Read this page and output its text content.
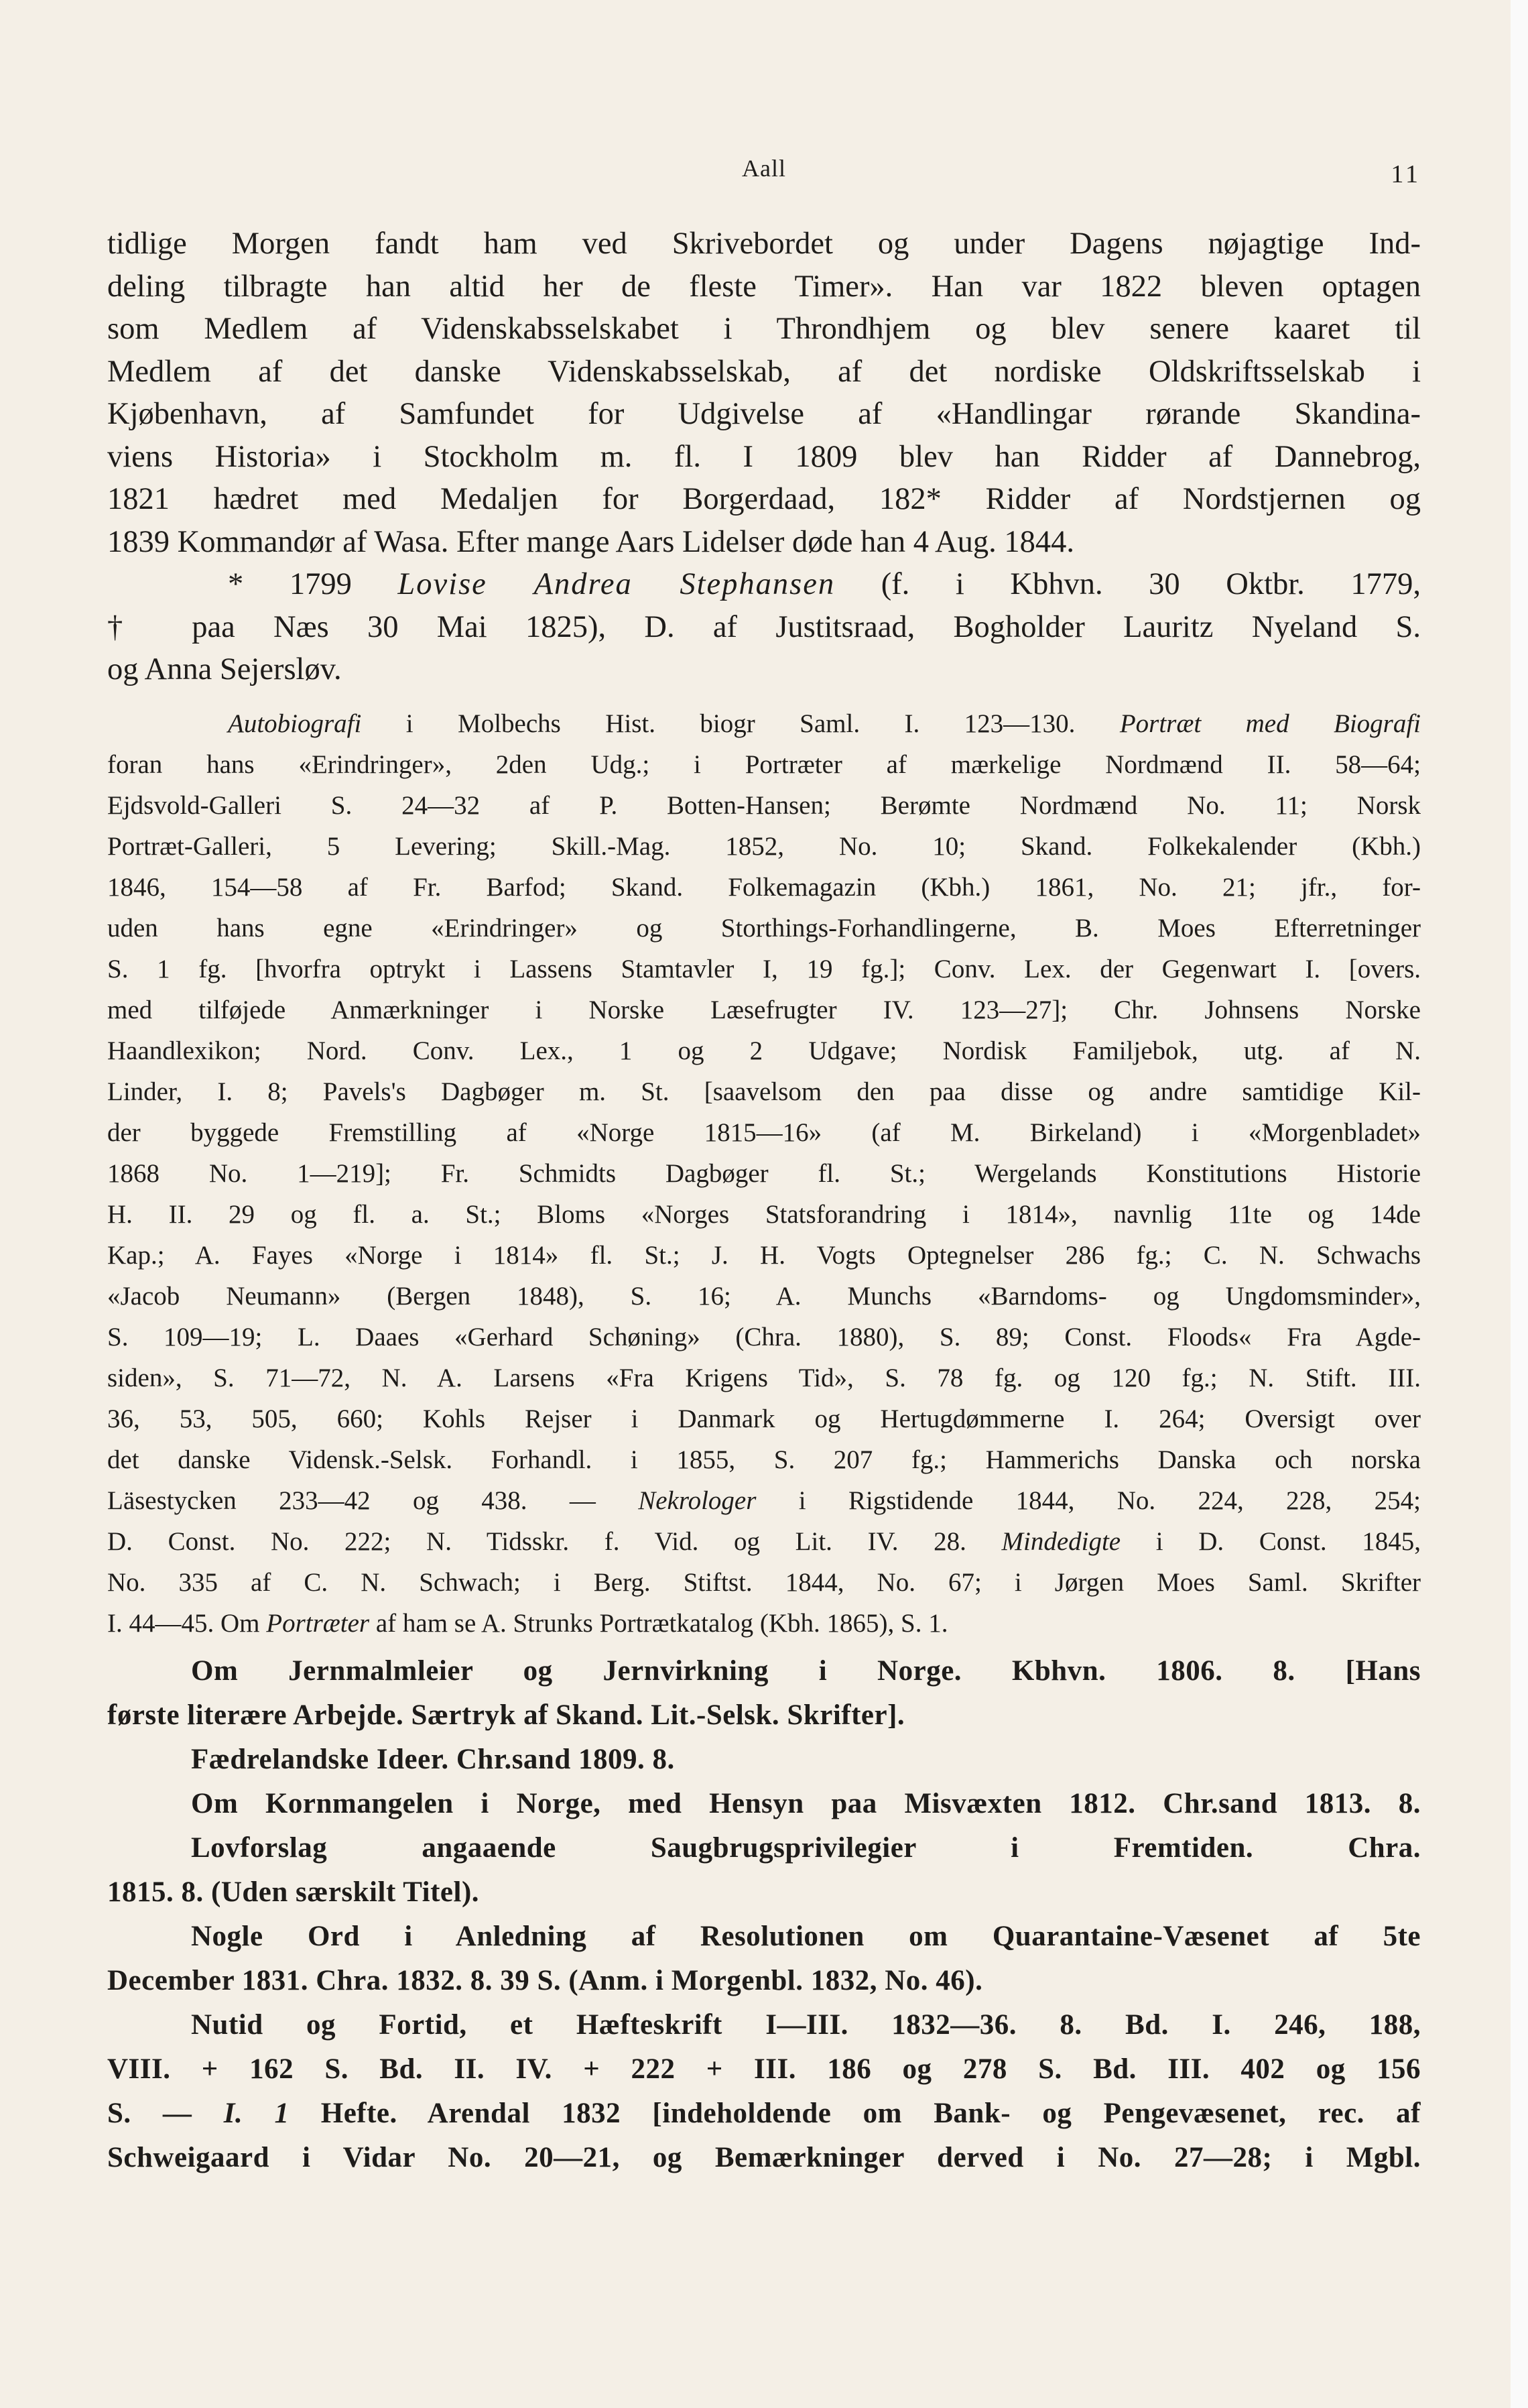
Aall	11

tidlige Morgen fandt ham ved Skrivebordet og under Dagens nøjagtige Ind-

deling tilbragte han altid her de fleste Timer». Han var 1822 bleven optagen

som Medlem af Videnskabsselskabet i Throndhjem og blev senere kaaret til

Medlem af det danske Videnskabsselskab, af det nordiske Oldskriftsselskab i

Kjøbenhavn, af Samfundet for Udgivelse af «Handlingar rørande Skandina-

viens Historia» i Stockholm m. fl. I 1809 blev han Ridder af Dannebrog,

1821 hædret med Medaljen for Borgerdaad, 182* Ridder af Nordstjernen og

1839 Kommandør af Wasa. Efter mange Aars Lidelser døde han 4 Aug. 1844.

* 1799 Lovise Andrea Stephansen (f. i Kbhvn. 30 Oktbr. 1779,

† paa Næs 30 Mai 1825), D. af Justitsraad, Bogholder Lauritz Nyeland S.

og Anna Sejersløv.

Autobiografi i Molbechs Hist. biogr Saml. I. 123—130. Portræt med Biografi

foran hans «Erindringer», 2den Udg.; i Portræter af mærkelige Nordmænd II. 58—64;

Ejdsvold-Galleri S. 24—32 af P. Botten-Hansen; Berømte Nordmænd No. 11; Norsk

Portræt-Galleri, 5 Levering; Skill.-Mag. 1852, No. 10; Skand. Folkekalender (Kbh.)

1846, 154—58 af Fr. Barfod; Skand. Folkemagazin (Kbh.) 1861, No. 21; jfr., for-

uden hans egne «Erindringer» og Storthings-Forhandlingerne, B. Moes Efterretninger

S. 1 fg. [hvorfra optrykt i Lassens Stamtavler I, 19 fg.]; Conv. Lex. der Gegenwart I. [overs.

med tilføjede Anmærkninger i Norske Læsefrugter IV. 123—27]; Chr. Johnsens Norske

Haandlexikon; Nord. Conv. Lex., 1 og 2 Udgave; Nordisk Familjebok, utg. af N.

Linder, I. 8; Pavels's Dagbøger m. St. [saavelsom den paa disse og andre samtidige Kil-

der byggede Fremstilling af «Norge 1815—16» (af M. Birkeland) i «Morgenbladet»

1868 No. 1—219]; Fr. Schmidts Dagbøger fl. St.; Wergelands Konstitutions Historie

H. II. 29 og fl. a. St.; Bloms «Norges Statsforandring i 1814», navnlig 11te og 14de

Kap.; A. Fayes «Norge i 1814» fl. St.; J. H. Vogts Optegnelser 286 fg.; C. N. Schwachs

«Jacob Neumann» (Bergen 1848), S. 16; A. Munchs «Barndoms- og Ungdomsminder»,

S. 109—19; L. Daaes «Gerhard Schøning» (Chra. 1880), S. 89; Const. Floods« Fra Agde-

siden», S. 71—72, N. A. Larsens «Fra Krigens Tid», S. 78 fg. og 120 fg.; N. Stift. III.

36, 53, 505, 660; Kohls Rejser i Danmark og Hertugdømmerne I. 264; Oversigt over

det danske Vidensk.-Selsk. Forhandl. i 1855, S. 207 fg.; Hammerichs Danska och norska

Läsestycken 233—42 og 438. — Nekrologer i Rigstidende 1844, No. 224, 228, 254;

D. Const. No. 222; N. Tidsskr. f. Vid. og Lit. IV. 28. Mindedigte i D. Const. 1845,

No. 335 af C. N. Schwach; i Berg. Stiftst. 1844, No. 67; i Jørgen Moes Saml. Skrifter

I. 44—45. Om Portræter af ham se A. Strunks Portrætkatalog (Kbh. 1865), S. 1.

Om Jernmalmleier og Jernvirkning i Norge. Kbhvn. 1806. 8. [Hans

første literære Arbejde. Særtryk af Skand. Lit.-Selsk. Skrifter].

Fædrelandske Ideer. Chr.sand 1809. 8.

Om Kornmangelen i Norge, med Hensyn paa Misvæxten 1812. Chr.sand 1813. 8.

Lovforslag angaaende Saugbrugsprivilegier i Fremtiden. Chra.

1815. 8. (Uden særskilt Titel).

Nogle Ord i Anledning af Resolutionen om Quarantaine-Væsenet af 5te

December 1831. Chra. 1832. 8. 39 S. (Anm. i Morgenbl. 1832, No. 46).

Nutid og Fortid, et Hæfteskrift I—III. 1832—36. 8. Bd. I. 246, 188,

VIII. + 162 S. Bd. II. IV. + 222 + III. 186 og 278 S. Bd. III. 402 og 156

S. — I. 1 Hefte. Arendal 1832 [indeholdende om Bank- og Pengevæsenet, rec. af

Schweigaard i Vidar No. 20—21, og Bemærkninger derved i No. 27—28; i Mgbl.
